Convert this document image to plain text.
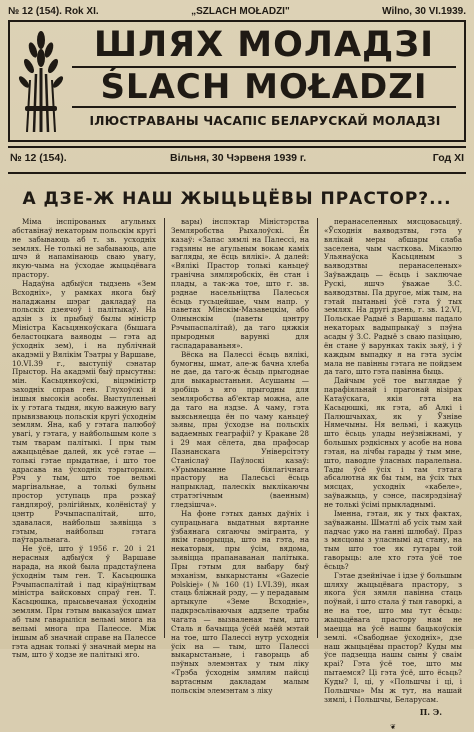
№ 12 (154). Rok XI.	„SZLACH MOŁADZI"	Wilno, 30 VI.1939.
ШЛЯХ МОЛАДЗІ
ŚLACH MOŁADZI
ІЛЮСТРАВАНЫ ЧАСАПІС БЕЛАРУСКАЙ МОЛАДЗІ
№ 12 (154).	Вільня, 30 Чэрвеня 1939 г.	Год XI
А ДЗЕ-Ж НАШ ЖЫЦЬЦЁВЫ ПРАСТОР?...

Міма інспірованых агульных абставінаў некаторым польскім кругі не забываюць аб т. зв. усходніх землях. Не толькі не забываюць, але шчэ й напамінаюць сваю увагу, якую-чыма на ўсходае жыцьцёвага прастору.

Надаўна адбыўся тыдзень «Зем Всходніх», у рамках якога быў наладжаны шэраг дакладаў па польскіх дзеячоў і палітыкаў. На адзін з іх прыбыў былы міністр Міністра Касьцянкоўскага (бышага беластоцкага ваяводы — гэта ад ўсходніх зем), і на публічнай акадэміі у Вялікім Тэатры у Варшаве, 10.VI.39 г., выступіў сэнатар Прыстор. На акадэміі быў прысутны: мін. Касьцянкоўскі, віцэміністр заходніх справ ген. Глухоўскі й іншыя высокія асобы. Выступленьні іх у гэтага тыдня, якую важную вагу прывязваюць польскія кругі ўсходнім землям. Яна, каб у гэтага палюбоў увагі, у гэтага, у найбольшым коле з тым тварам палітыкі. І пры тым ажыцьцёвае далей, як усё гэтае — толькі гэтае прыдатнае, і што тое адрасава на ўсходніх тэрыторыях. Рэч у тым, што тое вельмі маргінальнае, а толькі бульны простор уступаць пра рэзкаў гандляроў, рэлігійных, колёністаў у цэнтр Рэчыпаспалітай, што, здавалася, найбольш зьявіцца з гэтым, найбольш гэтага паўтаральнага.

Не ўсё, што ў 1956 г. 20 і 21 нерасныя адбыўся ў Варшаве нарада, на якой была прадстаўлена ўсходнім тым ген. Т. Касьцюшка Рэчыпаспалітай і пад кіраўніцтвам міністра вайсковых спраў ген. Т. Касьцюшка, прысьвечаная ўсходнім землям. Пры гэтым выказаўся шмат аб тым гаварыліся вельмі многа на вельмі многа пра Палессе. Між іншым аб значнай справе на Палессе гэта аднак толькі ў значнай меры на тым, што ў ходзе яе палітыкі яго.

вары) інспэктар Міністэрства Земляробства Рыхалоўскі. Ён казаў: «Запас зямлі на Палессі, на гэдзяны не агульным вокам каміх вагляды, яе ёсць вялікі». А далей: «Вялікі Прастор толькі каньцеў гранічна зямляробскіх, ён стан і плады, а так-жа тое, што г. зв. рэднае насельніцтва Палесься ёсьць гусьцейшае, чым напр. у паветах Мінскім-Мазавецкім, або Олнынскім (паветы цэнтру Рэчыпаспалітай), да таго цяжкія прыродныя варункі для гаспадараваньня».

Вёска на Палессі ёсьць вялікі, бумогны, шмат, але-ж бачна хлеба не дае, да таго-ж ёсьць прыгоднае для выкарыстаньня. Асушаны — зробіць з яго прыгодны для земляробства аб'ектар можна, але да таго на яздзе. А чаму, гэта выясьняецца ён по чаму каньцеў зьявы, пры ўсходзе на польскіх вадаемных геаграфіі? у Кракаве 28 і 29 мая сёлета, два прафэсар Пазнанскага Універсітэту Станіслаў Паўлоскі казаў: «Урымыманне біялагічнага прастору на Палесьсі ёсьць напрыклад, палескіх выклікаючы стратэгічным (ваенным) гледзішча».

На фоне гэтых даных даўніх і супрацьнага выдатныя вяртанне ўзбаянага сягаючы эмігранта, у якім гаворыцца, што на гэта, на некаторыя, пры ўсім, вядома, зьявіцца прапанаваная палітыка. Пры гэтым для выбару быў мэханізм, выкарыстаны «Gazecie Polskiej» (№ 160 (1) I.VI.39), якая стаць бліжнай рэду, — у перадавым артыкуле «Земе Всходніе», падкрэсьліваючыя аддзеле трабы чагата — вызваленая тым, што Сталь я бачыцца ўсёй маёй мэтай на тое, што Палессі нутр усходнія ўсіх на — тым, што Палессі выкарыстаньне, і гаворыць аб пэўных элемэнтах у тым ліку «Трэба ўсходнім зямлям пайсці вартасным дакладам малым польскім элемэнтам з ліку

перанаселенных мясцовасьцяў. «Ўсходнія ваяводзтвы, гэта у вялікай меры абшары слаба заселена, чым часткова. Мікаэлю Ульянаўска Касьцяным з ваяводзтвы перанаселеных» Заўваждаць — ёсьць і заключае Рускі, яшчэ ўважае З.С. ваяводзтвы. Па другое, між тым, на гэтай пытаньні ўсё гэта ў тых землях. На другі дзень, г. зв. 12.VI, Польскае Радыё з Варшавы падало некаторых вадыпрыкаў з пэўна асады ў З.С. Радыё з сваю пазіцыю, ён стане ў варунках такіх зьяў, і ў каждым выпадку я на гэта зусім мала не павінны гэтага не пойдзем да таго, што гэта павінна быць.

Дайчым усё тое выглядае ў парафіяльнай і прагонай візірах Катаўскага, якія гэта на Касьцюшкі, як гэта, аб Алкі і Палюшчыхах, як у Ўзніве Нямечыны. Ня вельмі, і кажуць што ёсьць улады неўзніжнамі, у большых рэдкісных у асобе на нова гэтая, на лічбы гарады ў тым мне, што, паводле ўласных паралельна. Тады ўсё ўсіх і там гэтага абсалютна як бы тым, на ўсіх тых мясцах, усходніх «кабеле», заўважыць, у сэнсе, пасярэдзінаў не толькі ўсімі прыкладнымі.

Іменна, гэтая, як у тых фактах, заўважаны. Шматлі аб усіх тым хай падчас ужо на ганні шлюбаў. Праз з мясцовы з уласнымі ад стану, на тым што тое як гутары той гаворыць: але хто гэта ўсё тое ёсьць?

Гэтае дзейнічае і ідзе ў большым шляху жыцьцёвага прастору, з якога ўся зямля павінна стаць поўнай, і што стала ў тыя гаворкі, а не на тое, што мы тут ёсьць: жыцьцёвага прастору нам не маецца на ўсё нашы бацькоўскія землі. «Свабоднае ўсходніх», дзе наш жыцьцёвы прастор? Куды мы ўсе падзецца нашы сыны ў сваім краі? Гэта ўсё тое, што мы пытаемся? Ці гэта ўсё, што ёсьць? Куды? І, ці, у «Польшчы і ці, і Польшчы» Мы ж тут, на нашай зямлі, і Польшчы, Беларусам.

П. Э.
❦
